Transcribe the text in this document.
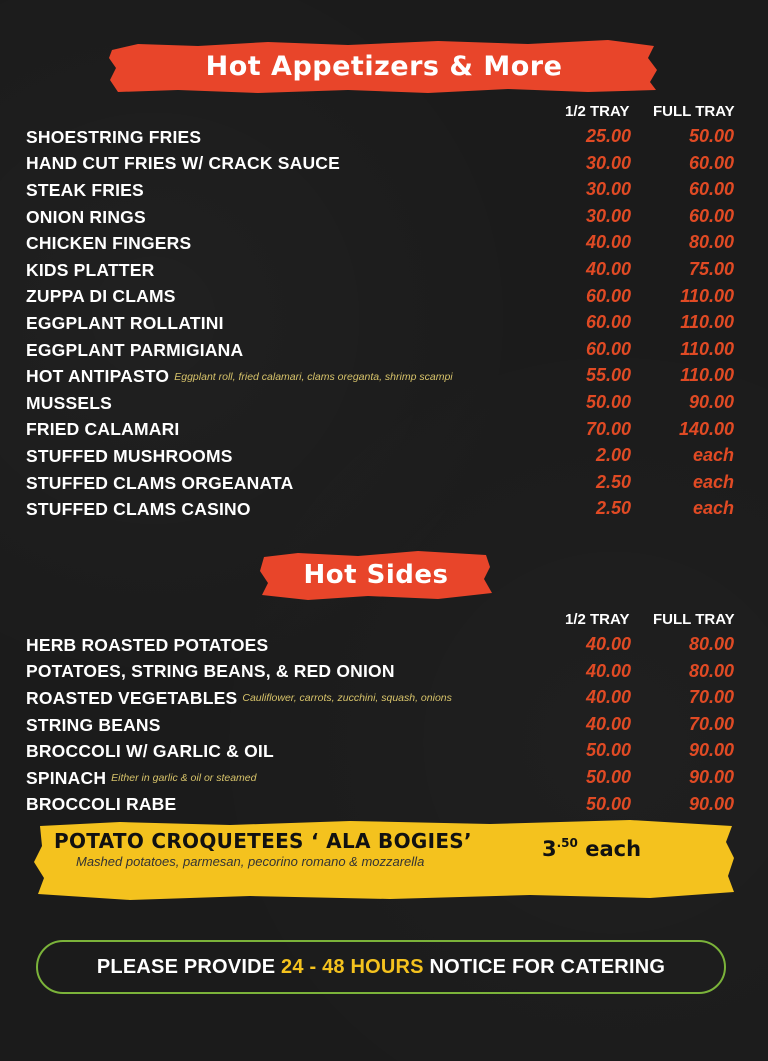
Hot Appetizers & More
1/2 TRAY FULL TRAY
SHOESTRING FRIES	25.00	50.00
HAND CUT FRIES W/ CRACK SAUCE	30.00	60.00
STEAK FRIES	30.00	60.00
ONION RINGS	30.00	60.00
CHICKEN FINGERS	40.00	80.00
KIDS PLATTER	40.00	75.00
ZUPPA DI CLAMS	60.00	110.00
EGGPLANT ROLLATINI	60.00	110.00
EGGPLANT PARMIGIANA	60.00	110.00
HOT ANTIPASTO Eggplant roll, fried calamari, clams oreganta, shrimp scampi	55.00	110.00
MUSSELS	50.00	90.00
FRIED CALAMARI	70.00	140.00
STUFFED MUSHROOMS	2.00	each
STUFFED CLAMS ORGEANATA	2.50	each
STUFFED CLAMS CASINO	2.50	each
Hot Sides
1/2 TRAY FULL TRAY
HERB ROASTED POTATOES	40.00	80.00
POTATOES, STRING BEANS, & RED ONION	40.00	80.00
ROASTED VEGETABLES Cauliflower, carrots, zucchini, squash, onions	40.00	70.00
STRING BEANS	40.00	70.00
BROCCOLI W/ GARLIC & OIL	50.00	90.00
SPINACH Either in garlic & oil or steamed	50.00	90.00
BROCCOLI RABE	50.00	90.00
POTATO CROQUETEES ‘ ALA BOGIES’
Mashed potatoes, parmesan, pecorino romano & mozzarella
$3^{.50}$ each
PLEASE PROVIDE 24 - 48 HOURS NOTICE FOR CATERING
